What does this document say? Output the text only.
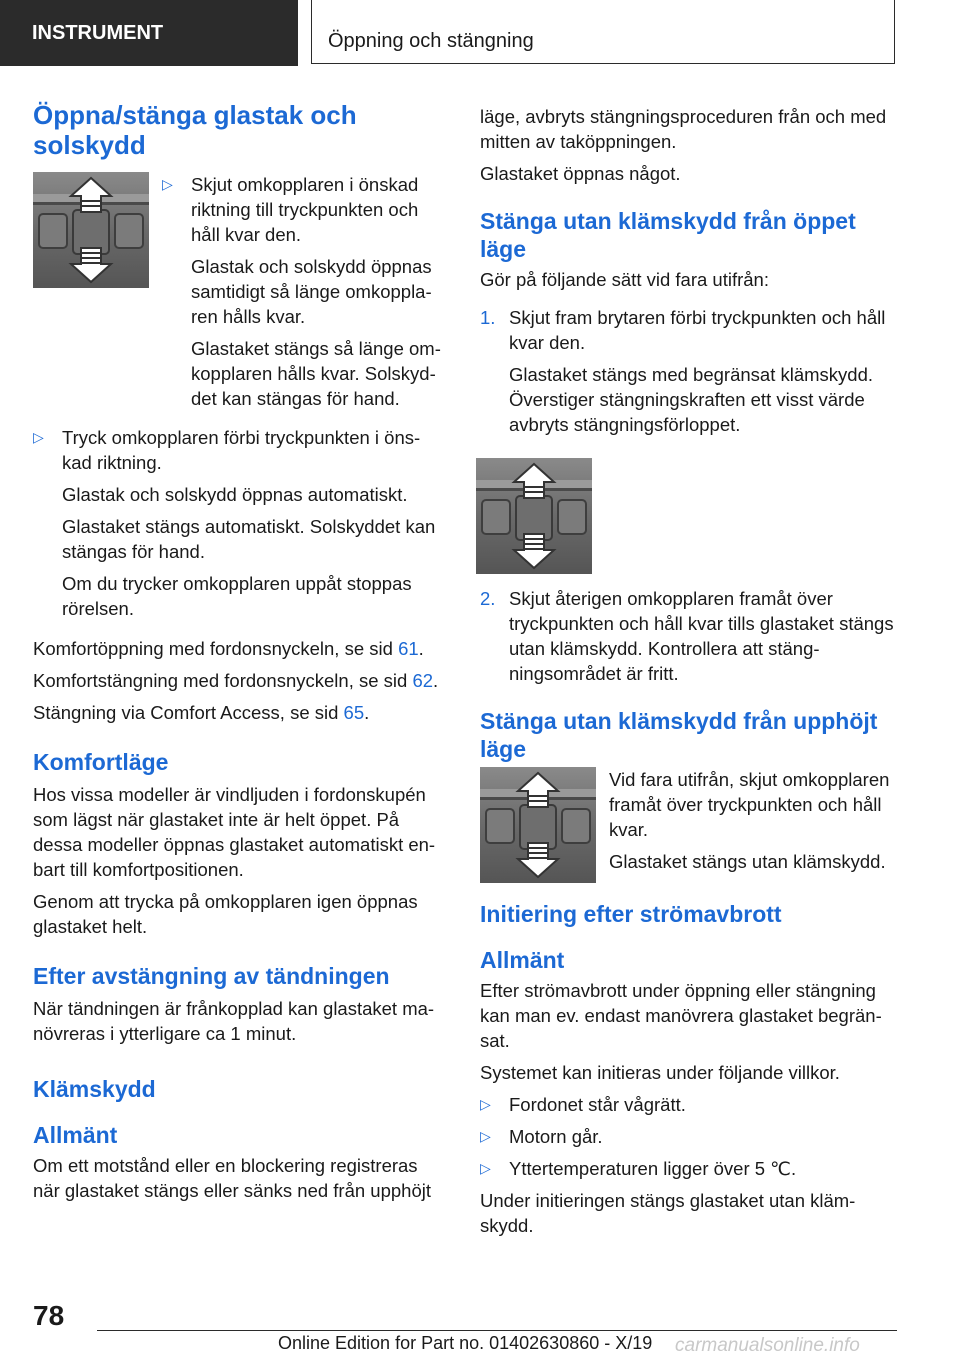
INSTRUMENT	Öppning och stängning
Öppna/stänga glastak och solskydd
▷ Skjut omkopplaren i önskad riktning till tryckpunkten och håll kvar den.

Glastak och solskydd öppnas samtidigt så länge omkoppla‐ren hålls kvar.

Glastaket stängs så länge om‐kopplaren hålls kvar. Solskyd‐det kan stängas för hand.

▷ Tryck omkopplaren förbi tryckpunkten i öns‐kad riktning.

Glastak och solskydd öppnas automatiskt.

Glastaket stängs automatiskt. Solskyddet kan stängas för hand.

Om du trycker omkopplaren uppåt stoppas rörelsen.

Komfortöppning med fordonsnyckeln, se sid 61.

Komfortstängning med fordonsnyckeln, se sid 62.

Stängning via Comfort Access, se sid 65.

Komfortläge

Hos vissa modeller är vindljuden i fordonskupén som lägst när glastaket inte är helt öppet. På dessa modeller öppnas glastaket automatiskt en‐bart till komfortpositionen.

Genom att trycka på omkopplaren igen öppnas glastaket helt.

Efter avstängning av tändningen

När tändningen är frånkopplad kan glastaket ma‐növreras i ytterligare ca 1 minut.

Klämskydd
Allmänt

Om ett motstånd eller en blockering registreras när glastaket stängs eller sänks ned från upphöjt

läge, avbryts stängningsproceduren från och med mitten av taköppningen.

Glastaket öppnas något.

Stänga utan klämskydd från öppet läge

Gör på följande sätt vid fara utifrån:

1. Skjut fram brytaren förbi tryckpunkten och håll kvar den.

Glastaket stängs med begränsat klämskydd. Överstiger stängningskraften ett visst värde avbryts stängningsförloppet.

2. Skjut återigen omkopplaren framåt över tryckpunkten och håll kvar tills glastaket stängs utan klämskydd. Kontrollera att stäng‐ningsområdet är fritt.

Stänga utan klämskydd från upphöjt läge

Vid fara utifrån, skjut omkopplaren framåt över tryckpunkten och håll kvar.

Glastaket stängs utan klämskydd.

Initiering efter strömavbrott
Allmänt

Efter strömavbrott under öppning eller stängning kan man ev. endast manövrera glastaket begrän‐sat.

Systemet kan initieras under följande villkor.

▷ Fordonet står vågrätt.

▷ Motorn går.

▷ Yttertemperaturen ligger över 5 ℃.

Under initieringen stängs glastaket utan kläm‐skydd.

78
Online Edition for Part no. 01402630860 - X/19 carmanualsonline.info
